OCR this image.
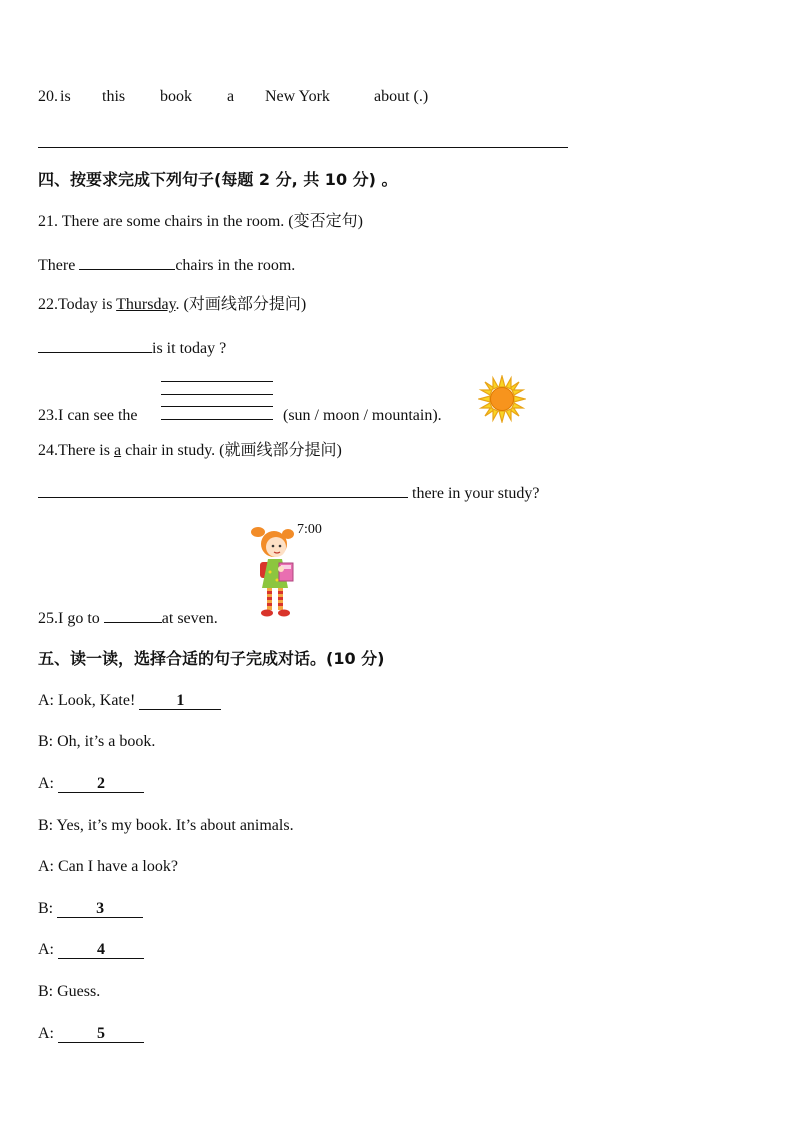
20. is this book a New York	about (.)
四、按要求完成下列句子(每题 2 分, 共 10 分) 。
21. There are some chairs in the room. (变否定句)
There	chairs in the room.
22.Today is Thursday. (对画线部分提问)
is it today ?
23.I can see the	(sun / moon / mountain).
24.There is a chair in study. (就画线部分提问)
there in your study?
7:00
25.I go to	at seven.
五、读一读，选择合适的句子完成对话。(10 分)
A: Look, Kate!	1
B: Oh, it’s a book.
A:	2
B: Yes, it’s my book. It’s about animals.
A: Can I have a look?
B:	3
A:	4
B: Guess.
A:	5
